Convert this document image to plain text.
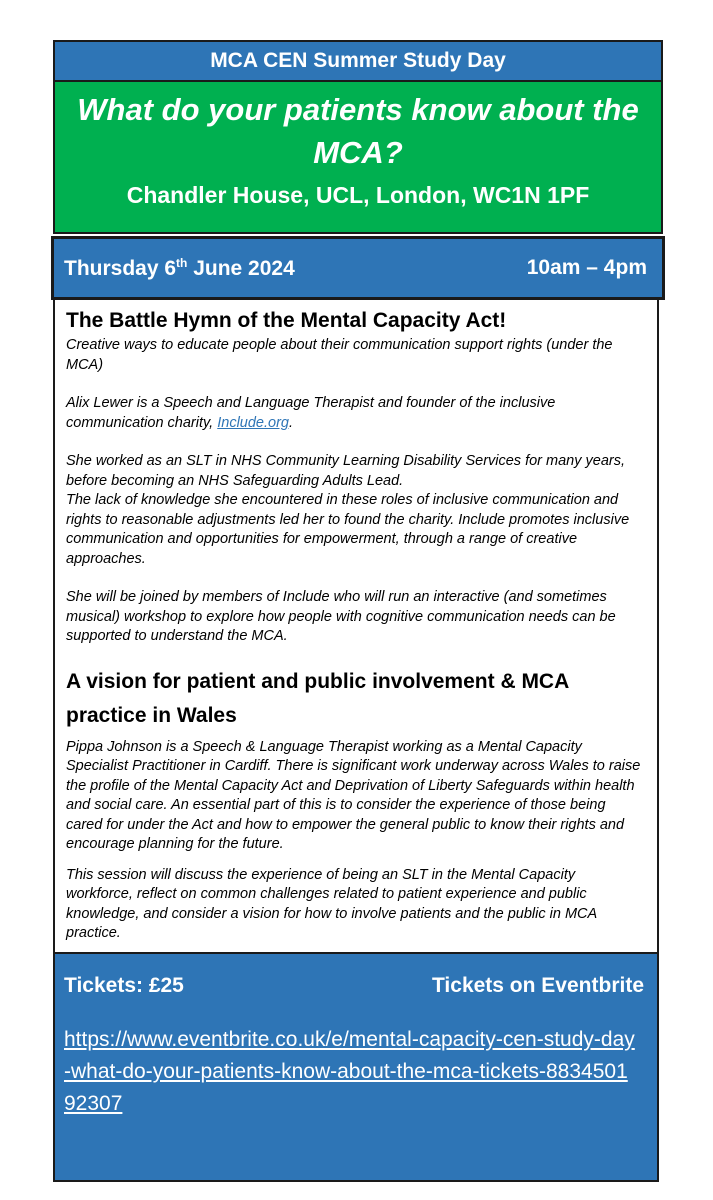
MCA CEN Summer Study Day
What do your patients know about the MCA?
Chandler House, UCL, London, WC1N 1PF
Thursday 6th June 2024	10am – 4pm
The Battle Hymn of the Mental Capacity Act!

Creative ways to educate people about their communication support rights (under the MCA)

Alix Lewer is a Speech and Language Therapist and founder of the inclusive communication charity, Include.org.

She worked as an SLT in NHS Community Learning Disability Services for many years, before becoming an NHS Safeguarding Adults Lead.

The lack of knowledge she encountered in these roles of inclusive communication and rights to reasonable adjustments led her to found the charity. Include promotes inclusive communication and opportunities for empowerment, through a range of creative approaches.

She will be joined by members of Include who will run an interactive (and sometimes musical) workshop to explore how people with cognitive communication needs can be supported to understand the MCA.

A vision for patient and public involvement & MCA practice in Wales

Pippa Johnson is a Speech & Language Therapist working as a Mental Capacity Specialist Practitioner in Cardiff. There is significant work underway across Wales to raise the profile of the Mental Capacity Act and Deprivation of Liberty Safeguards within health and social care. An essential part of this is to consider the experience of those being cared for under the Act and how to empower the general public to know their rights and encourage planning for the future.

This session will discuss the experience of being an SLT in the Mental Capacity workforce, reflect on common challenges related to patient experience and public knowledge, and consider a vision for how to involve patients and the public in MCA practice.

Tickets: £25	Tickets on Eventbrite
https://www.eventbrite.co.uk/e/mental-capacity-cen-study-day-what-do-your-patients-know-about-the-mca-tickets-883450192307
